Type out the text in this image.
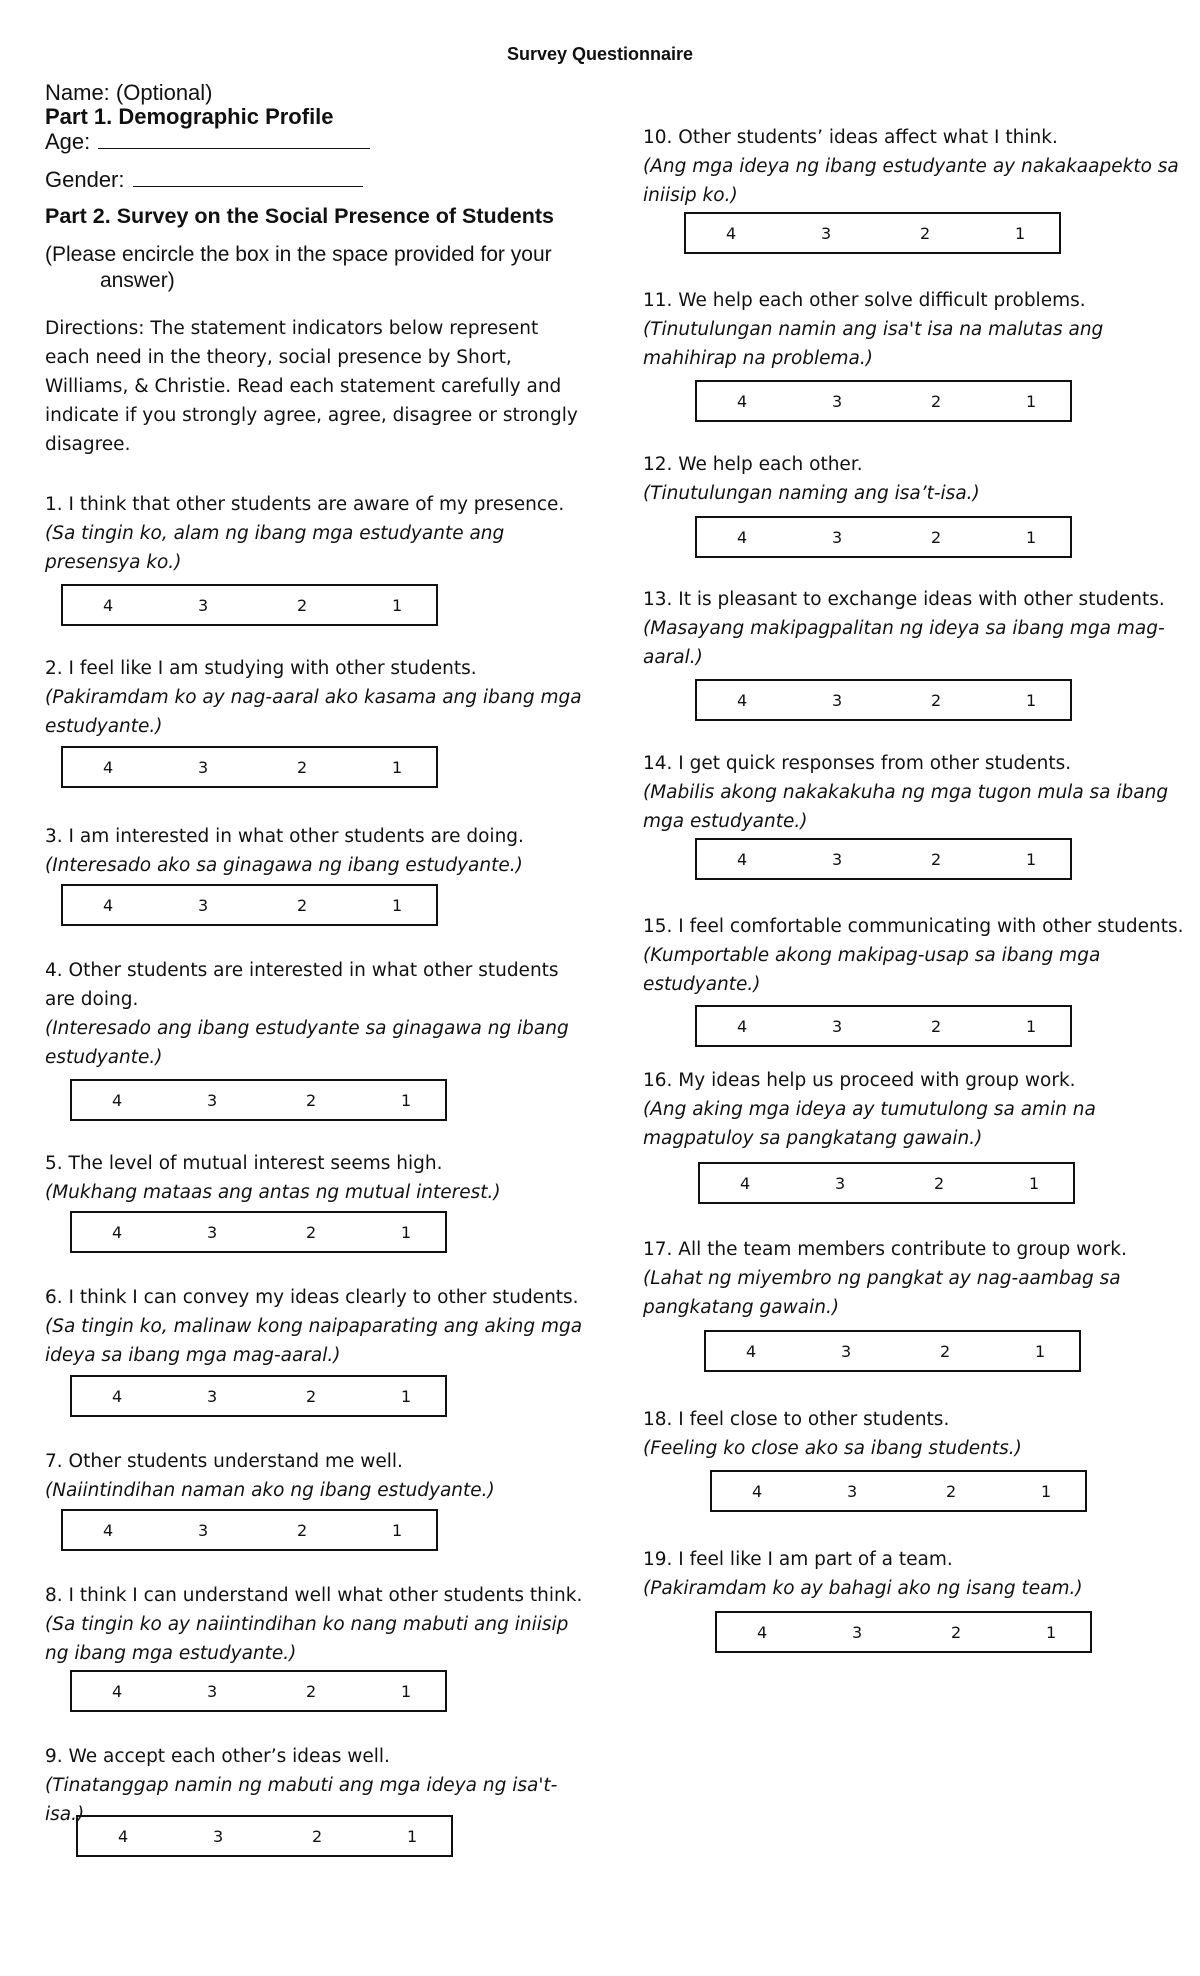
Survey Questionnaire
Name: (Optional)
Part 1. Demographic Profile
Age:
Gender:
Part 2. Survey on the Social Presence of Students
(Please encircle the box in the space provided for your
answer)
Directions: The statement indicators below represent each need in the theory, social presence by Short, Williams, & Christie. Read each statement carefully and indicate if you strongly agree, agree, disagree or strongly disagree.

1. I think that other students are aware of my presence.

(Sa tingin ko, alam ng ibang mga estudyante ang presensya ko.)

4	3	2	1

2. I feel like I am studying with other students.

(Pakiramdam ko ay nag-aaral ako kasama ang ibang mga estudyante.)

4	3	2	1

3. I am interested in what other students are doing.

(Interesado ako sa ginagawa ng ibang estudyante.)

4	3	2	1

4. Other students are interested in what other students are doing.

(Interesado ang ibang estudyante sa ginagawa ng ibang estudyante.)

4	3	2	1

5. The level of mutual interest seems high.

(Mukhang mataas ang antas ng mutual interest.)

4	3	2	1

6. I think I can convey my ideas clearly to other students.

(Sa tingin ko, malinaw kong naipaparating ang aking mga ideya sa ibang mga mag-aaral.)

4	3	2	1

7. Other students understand me well.

(Naiintindihan naman ako ng ibang estudyante.)

4	3	2	1

8. I think I can understand well what other students think.

(Sa tingin ko ay naiintindihan ko nang mabuti ang iniisip ng ibang mga estudyante.)

4	3	2	1

9. We accept each other’s ideas well.

(Tinatanggap namin ng mabuti ang mga ideya ng isa't-isa.)

4	3	2	1

10. Other students’ ideas affect what I think.

(Ang mga ideya ng ibang estudyante ay nakakaapekto sa iniisip ko.)

4	3	2	1

11. We help each other solve difficult problems.

(Tinutulungan namin ang isa't isa na malutas ang mahihirap na problema.)

4	3	2	1

12. We help each other.

(Tinutulungan naming ang isa’t-isa.)

4	3	2	1

13. It is pleasant to exchange ideas with other students.

(Masayang makipagpalitan ng ideya sa ibang mga mag-aaral.)

4	3	2	1

14. I get quick responses from other students.

(Mabilis akong nakakakuha ng mga tugon mula sa ibang mga estudyante.)

4	3	2	1

15. I feel comfortable communicating with other students.

(Kumportable akong makipag-usap sa ibang mga estudyante.)

4	3	2	1

16. My ideas help us proceed with group work.

(Ang aking mga ideya ay tumutulong sa amin na magpatuloy sa pangkatang gawain.)

4	3	2	1

17. All the team members contribute to group work.

(Lahat ng miyembro ng pangkat ay nag-aambag sa pangkatang gawain.)

4	3	2	1

18. I feel close to other students.

(Feeling ko close ako sa ibang students.)

4	3	2	1

19. I feel like I am part of a team.

(Pakiramdam ko ay bahagi ako ng isang team.)

4	3	2	1
